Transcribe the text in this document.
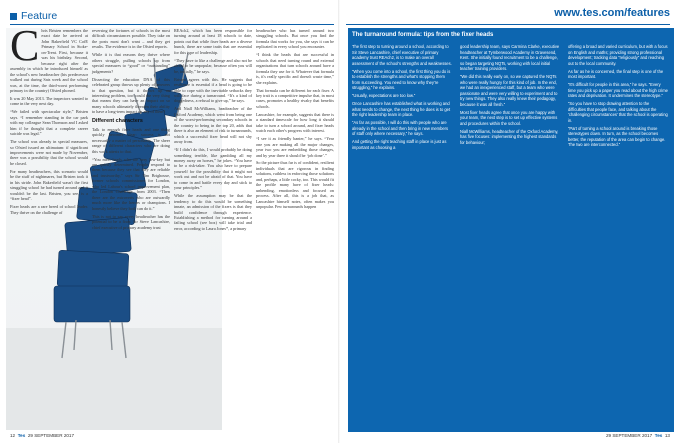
Feature
C hris Bristen remembers the exact date he arrived at John Bakerfield VC CofE Primary School in Stoke-on-Trent. First, because it was his birthday. Second, because right after the assembly in which he introduced himself as the school's new headteacher (his predecessor walked out during Sats week and the school was, at the time, the third-worst performing primary in the country) Ofsted phoned.

It was 20 May 2013. The inspectors wanted to come in the very next day.

“We failed with spectacular style,” Bristen says. “I remember standing in the car park with my colleague Sean Thomson and I asked him if he thought that a complete career suicide was legal.”

The school was already in special measures, so Ofsted issued an ultimatum: if significant improvements were not made by November, there was a possibility that the school would be closed.

For many headteachers, this scenario would be the stuff of nightmares, but Bristen took it in his stride. John Bakerfield wasn't the first struggling school he had turned around and it wouldn't be the last. Bristen, you see, is a “fixer head”.

Fixer heads are a rare breed of school leader. They thrive on the challenge of

reversing the fortunes of schools in the most difficult circumstances possible. They take on the posts most don't want – and they get results. The evidence is in the Ofsted reports.

While it is that reasons they thrive where others struggle, pulling schools up from special measures to “good” or “outstanding” judgements?

Dissecting the education DNA of this celebrated group throws up plenty of answers to that question, but it throws up an interesting problem, too: could the very thing that means they can have an impact on so many schools ultimately threaten their ability to have a long-term impact on any of them?

Different characters

Talk to enough fixer heads and one thing quickly becomes clear: success is not necessarily a matter of personality. The sheer range of different characters who are doing this work attests to that.

“You meet heads who are very low-key but are quietly determined. People respond to them because they see that they are reliable and trustworthy,” says Sir Tim Brighouse, former schools commissioner for London, who led Labour's school improvement plan, the London Challenge, from 2003. “Then there are the extroverts who are outwardly much more like the heroes or champions. I honestly believe they both can do it.”

This is not to say every headteacher has the potential to be a fixer. Sir Steve Lancashire, chief executive of primary academy trust

REAch2, which has been responsible for turning around at least 18 schools to date, points out that while fixer heads are a diverse bunch, there are some traits that are essential for this type of leadership.

“They have to like a challenge and also not be afraid to be unpopular, because often you will be, initially,” he says.

Bristen agrees with this. He suggests that resilience is essential if a head is going to be able to cope with the inevitable setbacks they will face during a turnaround. “It's a kind of doggedness, a refusal to give up,” he says.

And Niall McWilliams, headteacher of the Oxford Academy, which went from being one of the worst-performing secondary schools in the country to being in the top 20, adds that there is also an element of risk to turnarounds, which a successful fixer head will not shy away from.

“If I didn't do this, I would probably be doing something terrible, like gambling all my money away on horses,” he jokes. “You have to be a risk-taker. You also have to prepare yourself for the possibility that it might not work out and not be afraid of that. You have to come in and battle every day and stick to your principles.”

While the assumption may be that the tendency to do this would be something innate, an admission of the fixers is that they build confidence through experience. Establishing a method for turning around a failing school (see box) will take trial and error, according to Laura Jones*, a primary

headteacher who has turned around two struggling schools. But once you find the formula that works for you, she says it can be replicated in every school you encounter.

“I think the heads that are successful in schools that need turning round and external organisations that turn schools around have a formula they use for it. Whatever that formula is, it's really specific and doesn't waste time,” she explains.

That formula can be different for each fixer. A key trait is a competitive impulse that, in most cases, promotes a healthy rivalry that benefits schools.

Lancashire, for example, suggests that there is a standard timescale for how long it should take to turn a school around, and fixer heads watch each other's progress with interest.

“I see it as friendly banter,” he says. “Year one you are making all the major changes, year two you are embedding those changes, and by year three it should be ‘job done’.”

So the picture thus far is of confident, resilient individuals that are rigorous in finding solutions, ruthless in enforcing those solutions and, perhaps, a little cocky, too. This would fit the profile many have of fixer heads: unbending, emotionless and focused on process. After all, this is a job that, as Lancashire himself notes, often makes you unpopular. Few turnarounds happen

12 Tes 29 SEPTEMBER 2017
www.tes.com/features
The turnaround formula: tips from the fixer heads

The first step to turning around a school, according to Sir Steve Lancashire, chief executive of primary academy trust REAch2, is to make an overall assessment of the school's strengths and weaknesses.

“When you come into a school, the first thing you do is to establish the strengths and what's stopping them from succeeding. You need to know why they're struggling,” he explains.

“Usually, expectations are too low.”

Once Lancashire has established what is working and what needs to change, the next thing he does is to get the right leadership team in place.

“As far as possible, I will do this with people who are already in the school and then bring in new members of staff only where necessary,” he says.

And getting the right teaching staff in place is just as important as choosing a

good leadership team, says Carmina Clarke, executive headteacher at Tymberwood Academy in Gravesend, Kent. She initially found recruitment to be a challenge, so began targeting NQTs, working with local initial teacher training providers.

“We did this really early on, so we captured the NQTs who were really hungry for this kind of job. In the end, we had an inexperienced staff, but a team who were passionate and were very willing to experiment and to try new things. They also really knew their pedagogy, because it was all fresh.”

Most fixer heads agree that once you are happy with your team, the next step is to set up effective systems and procedures within the school.

Niall McWilliams, headteacher of the Oxford Academy, has five focuses: implementing the highest standards for behaviour;

offering a broad and varied curriculum, but with a focus on English and maths; providing strong professional development; tracking data “religiously” and reaching out to the local community.

As far as he is concerned, the final step is one of the most important.

“It's difficult for people in this area,” he says. “Every time you pick up a paper you read about the high crime rates and deprivation. It undermines the stereotype.”

“So you have to stop drawing attention to the difficulties that people face, and talking about the ‘challenging circumstances’ that the school is operating in.

“Part of turning a school around is breaking those stereotypes down. In turn, as the school becomes better, the reputation of the area can begin to change. The two are interconnected.”

29 SEPTEMBER 2017 Tes 13
